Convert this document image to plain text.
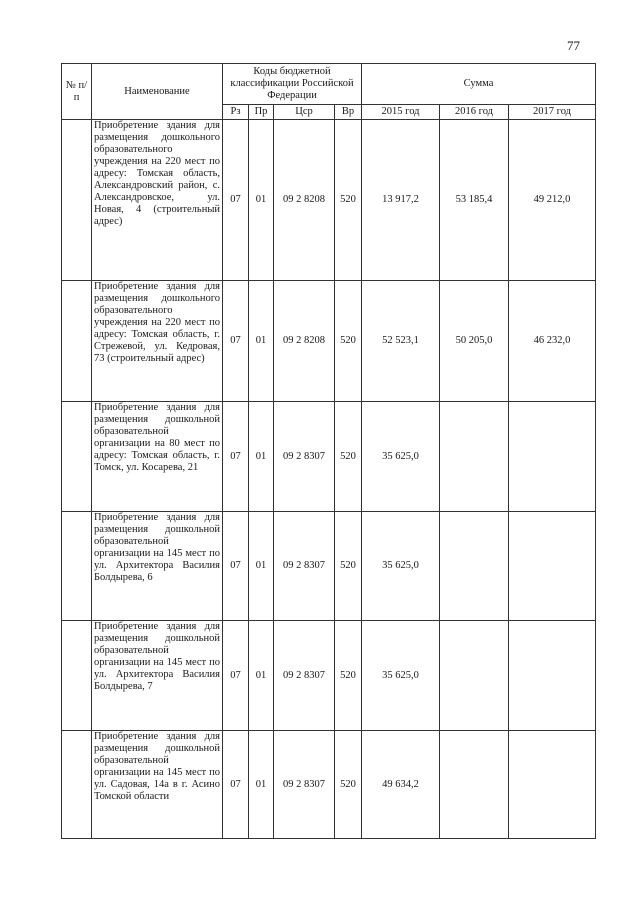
77
№ п/п	Наименование	Коды бюджетной классификации Российской Федерации				Сумма		
		Рз	Пр	Цср	Вр	2015 год	2016 год	2017 год
	Приобретение здания для размещения дошкольного образовательного учреждения на 220 мест по адресу: Томская область, Александровский район, с. Александровское, ул. Новая, 4 (строительный адрес)	07	01	09 2 8208	520	13 917,2	53 185,4	49 212,0
	Приобретение здания для размещения дошкольного образовательного учреждения на 220 мест по адресу: Томская область, г. Стрежевой, ул. Кедровая, 73 (строительный адрес)	07	01	09 2 8208	520	52 523,1	50 205,0	46 232,0
	Приобретение здания для размещения дошкольной образовательной организации на 80 мест по адресу: Томская область, г. Томск, ул. Косарева, 21	07	01	09 2 8307	520	35 625,0		
	Приобретение здания для размещения дошкольной образовательной организации на 145 мест по ул. Архитектора Василия Болдырева, 6	07	01	09 2 8307	520	35 625,0		
	Приобретение здания для размещения дошкольной образовательной организации на 145 мест по ул. Архитектора Василия Болдырева, 7	07	01	09 2 8307	520	35 625,0		
	Приобретение здания для размещения дошкольной образовательной организации на 145 мест по ул. Садовая, 14а в г. Асино Томской области	07	01	09 2 8307	520	49 634,2		
